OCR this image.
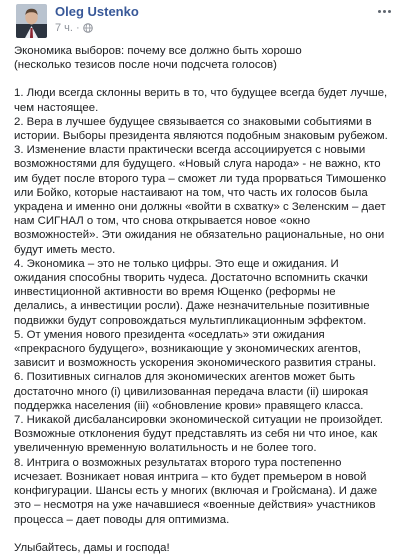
Oleg Ustenko
7 ч. ·

Экономика выборов: почему все должно быть хорошо

(несколько тезисов после ночи подсчета голосов)

1. Люди всегда склонны верить в то, что будущее всегда будет лучше, чем настоящее.

2. Вера в лучшее будущее связывается со знаковыми событиями в истории. Выборы президента являются подобным знаковым рубежом.

3. Изменение власти практически всегда ассоциируется с новыми возможностями для будущего. «Новый слуга народа» - не важно, кто им будет после второго тура – сможет ли туда прорваться Тимошенко или Бойко, которые настаивают на том, что часть их голосов была украдена и именно они должны «войти в схватку» с Зеленским – дает нам СИГНАЛ о том, что снова открывается новое «окно возможностей». Эти ожидания не обязательно рациональные, но они будут иметь место.

4. Экономика – это не только цифры. Это еще и ожидания. И ожидания способны творить чудеса. Достаточно вспомнить скачки инвестиционной активности во время Ющенко (реформы не делались, а инвестиции росли). Даже незначительные позитивные подвижки будут сопровождаться мультипликационным эффектом.

5. От умения нового президента «оседлать» эти ожидания «прекрасного будущего», возникающие у экономических агентов, зависит и возможность ускорения экономического развития страны.

6. Позитивных сигналов для экономических агентов может быть достаточно много (i) цивилизованная передача власти (ii) широкая поддержка населения (iii) «обновление крови» правящего класса.

7. Никакой дисбалансировки экономической ситуации не произойдет. Возможные отклонения будут представлять из себя ни что иное, как увеличенную временную волатильность и не более того.

8. Интрига о возможных результатах второго тура постепенно исчезает. Возникает новая интрига – кто будет премьером в новой конфигурации. Шансы есть у многих (включая и Гройсмана). И даже это – несмотря на уже начавшиеся «военные действия» участников процесса – дает поводы для оптимизма.

Улыбайтесь, дамы и господа!
